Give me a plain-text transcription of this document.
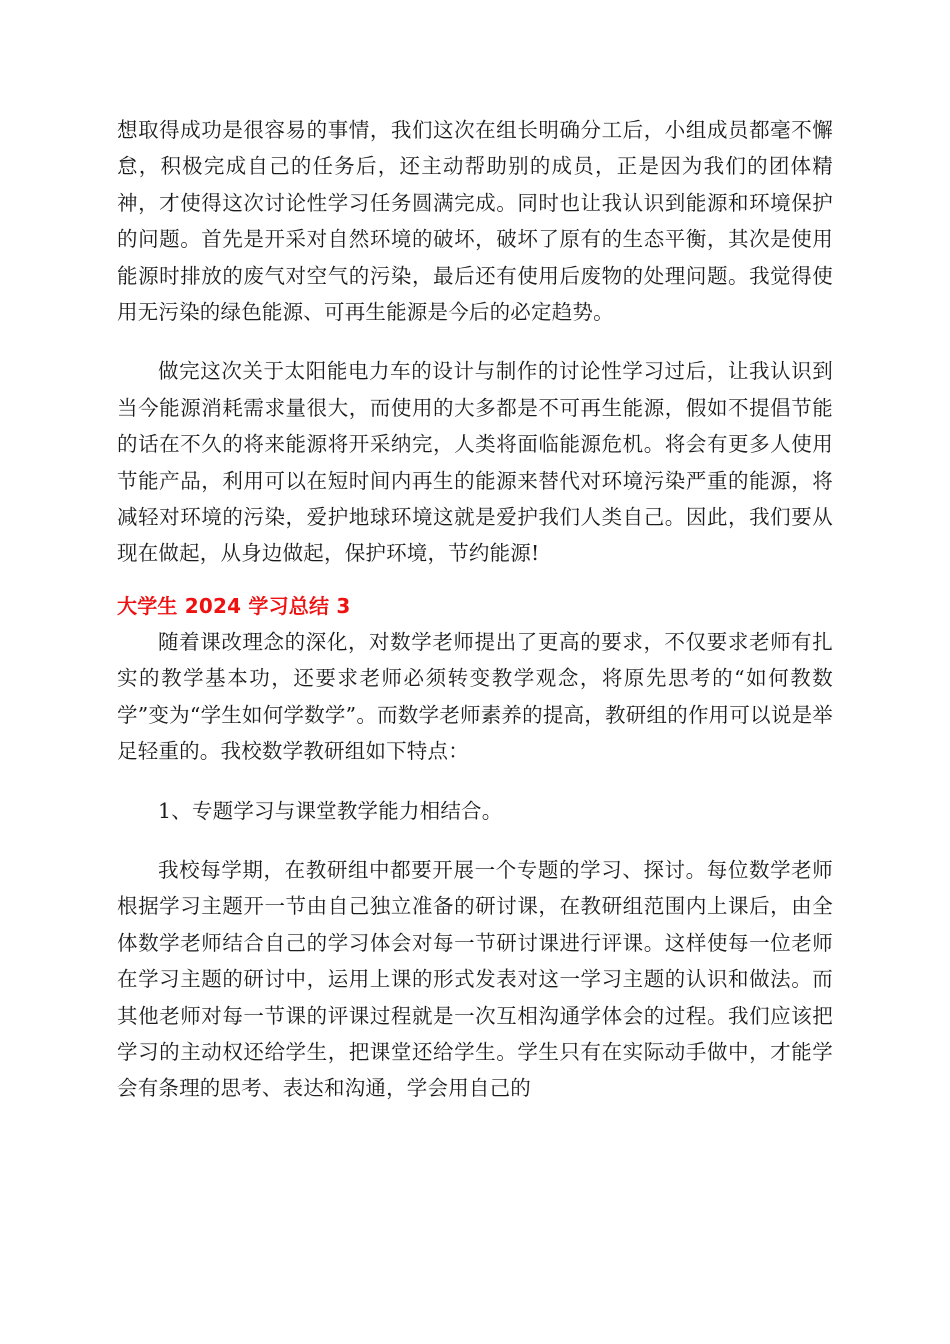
想取得成功是很容易的事情，我们这次在组长明确分工后，小组成员都毫不懈怠，积极完成自己的任务后，还主动帮助别的成员，正是因为我们的团体精神，才使得这次讨论性学习任务圆满完成。同时也让我认识到能源和环境保护的问题。首先是开采对自然环境的破坏，破坏了原有的生态平衡，其次是使用能源时排放的废气对空气的污染，最后还有使用后废物的处理问题。我觉得使用无污染的绿色能源、可再生能源是今后的必定趋势。

做完这次关于太阳能电力车的设计与制作的讨论性学习过后，让我认识到当今能源消耗需求量很大，而使用的大多都是不可再生能源，假如不提倡节能的话在不久的将来能源将开采纳完，人类将面临能源危机。将会有更多人使用节能产品，利用可以在短时间内再生的能源来替代对环境污染严重的能源，将减轻对环境的污染，爱护地球环境这就是爱护我们人类自己。因此，我们要从现在做起，从身边做起，保护环境，节约能源!

大学生 2024 学习总结 3

随着课改理念的深化，对数学老师提出了更高的要求，不仅要求老师有扎实的教学基本功，还要求老师必须转变教学观念，将原先思考的“如何教数学”变为“学生如何学数学”。而数学老师素养的提高，教研组的作用可以说是举足轻重的。我校数学教研组如下特点：

1、专题学习与课堂教学能力相结合。

我校每学期，在教研组中都要开展一个专题的学习、探讨。每位数学老师根据学习主题开一节由自己独立准备的研讨课，在教研组范围内上课后，由全体数学老师结合自己的学习体会对每一节研讨课进行评课。这样使每一位老师在学习主题的研讨中，运用上课的形式发表对这一学习主题的认识和做法。而其他老师对每一节课的评课过程就是一次互相沟通学体会的过程。我们应该把学习的主动权还给学生，把课堂还给学生。学生只有在实际动手做中，才能学会有条理的思考、表达和沟通，学会用自己的
